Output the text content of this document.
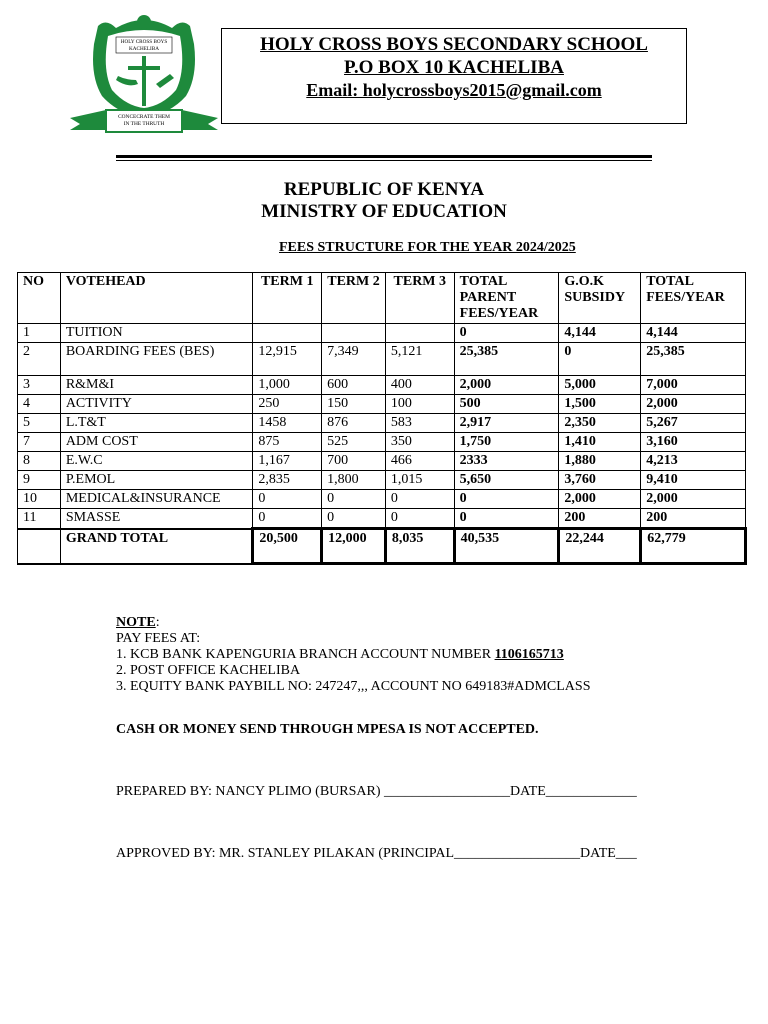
HOLY CROSS BOYS
KACHELIBA
CONCECRATE THEM
IN THE THRUTH
HOLY CROSS BOYS SECONDARY SCHOOL
P.O BOX 10 KACHELIBA
Email: holycrossboys2015@gmail.com
REPUBLIC OF KENYA
MINISTRY OF EDUCATION
FEES STRUCTURE FOR THE YEAR 2024/2025
NO	VOTEHEAD	TERM 1	TERM 2	TERM 3	TOTAL PARENT FEES/YEAR	G.O.K SUBSIDY	TOTAL FEES/YEAR
1	TUITION				0	4,144	4,144
2	BOARDING FEES (BES)	12,915	7,349	5,121	25,385	0	25,385
3	R&M&I	1,000	600	400	2,000	5,000	7,000
4	ACTIVITY	250	150	100	500	1,500	2,000
5	L.T&T	1458	876	583	2,917	2,350	5,267
7	ADM COST	875	525	350	1,750	1,410	3,160
8	E.W.C	1,167	700	466	2333	1,880	4,213
9	P.EMOL	2,835	1,800	1,015	5,650	3,760	9,410
10	MEDICAL&INSURANCE	0	0	0	0	2,000	2,000
11	SMASSE	0	0	0	0	200	200
	GRAND TOTAL	20,500	12,000	8,035	40,535	22,244	62,779
NOTE:
PAY FEES AT:
1. KCB BANK KAPENGURIA BRANCH ACCOUNT NUMBER 1106165713
2. POST OFFICE KACHELIBA
3. EQUITY BANK PAYBILL NO: 247247,,, ACCOUNT NO 649183#ADMCLASS
CASH OR MONEY SEND THROUGH MPESA IS NOT ACCEPTED.
PREPARED BY: NANCY PLIMO (BURSAR) __________________DATE_____________
APPROVED BY: MR. STANLEY PILAKAN (PRINCIPAL__________________DATE___
